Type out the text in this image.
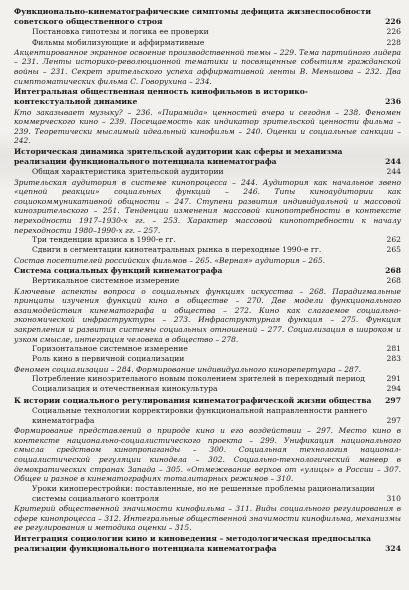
Функционально-кинематографические симптомы дефицита жизнеспособности советского общественного строя	226
Постановка гипотезы и логика ее проверки	226
Фильмы мобилизующие и аффирмативные	228
Акцентированное экранное освоение производственной темы – 229. Тема партийного лидера – 231. Ленты историко-революционной тематики и посвященные событиям гражданской войны – 231. Секрет зрительского успеха аффирмативной ленты В. Меньшова – 232. Два симптоматических фильма С. Говорухина – 234.
Интегральная общественная ценность кинофильмов в историко-контекстуальной динамике	236
Кто заказывает музыку? – 236. «Пирамида» ценностей вчера и сегодня – 238. Феномен коммерческого кино – 239. Посещаемость как индикатор зрительской ценности фильма – 239. Теоретически мыслимый идеальный кинофильм – 240. Оценки и социальные санкции – 242.
Историческая динамика зрительской аудитории как сферы и механизма реализации функционального потенциала кинематографа	244
Общая характеристика зрительской аудитории	244
Зрительская аудитория в системе кинопроцесса – 244. Аудитория как начальное звено «цепной реакции» социальных функций – 246. Типы киноаудитории как социокоммуникативной общности – 247. Ступени развития индивидуальной и массовой кинозрительского – 251. Тенденции изменения массовой кинопотребности в контексте переходности 1917–1930-х гг. – 253. Характер массовой кинопотребности к началу переходности 1980–1990-х гг. – 257.
Три тенденции кризиса в 1990-е гг.	262
Сдвиги в сегментации кинотеатральных рынка в переходные 1990-е гг.	265
Состав посетителей российских фильмов – 265. «Верная» аудитория – 265.
Система социальных функций кинематографа	268
Вертикальное системное измерение	268
Ключевые аспекты вопроса о социальных функциях искусства – 268. Парадигмальные принципы изучения функций кино в обществе – 270. Две модели функционального взаимодействия кинематографа и общества – 272. Кино как слагаемое социально-экономической инфраструктуры – 273. Инфраструктурная функция – 275. Функция закрепления и развития системы социальных отношений – 277. Социализация в широком и узком смысле, интеграция человека в общество – 278.
Горизонтальное системное измерение	281
Роль кино в первичной социализации	283
Феномен социализации – 284. Формирование индивидуального кинорепертуара – 287.
Потребление кинозрительного новым поколением зрителей в переходный период	291
Социализация и отечественная кинокультура	294
К истории социального регулирования кинематографической жизни общества 297
Социальные технологии корректировки функциональной направленности раннего кинематографа	297
Формирование представлений о природе кино и его воздействии – 297. Место кино в контексте национально-социалистического проекта – 299. Унификация национального смысла средством кинопропаганды – 300. Социальная технология национал-социалистической регуляции кинодела – 302. Социально-технологический маневр в демократических странах Запада – 305. «Отмежевание верхов от «улицы» в России – 307. Общее и разное в кинематографиях тоталитарных режимов – 310.
Уроки киноперестройки: поставленные, но не решенные проблемы рационализации системы социального контроля	310
Критерий общественной значимости кинофильма – 311. Виды социального регулирования в сфере кинопроцесса – 312. Интегральные общественной значимости кинофильма, механизмы ее регулирования и методика оценки – 315.
Интеграция социологии кино и киноведения – методологическая предпосылка реализации функционального потенциала кинематографа	324
